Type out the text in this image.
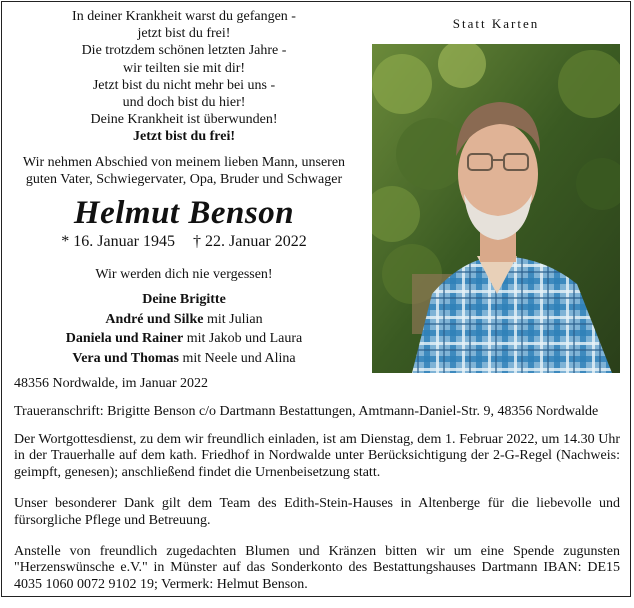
In deiner Krankheit warst du gefangen -
jetzt bist du frei!
Die trotzdem schönen letzten Jahre -
wir teilten sie mit dir!
Jetzt bist du nicht mehr bei uns -
und doch bist du hier!
Deine Krankheit ist überwunden!
Jetzt bist du frei!
Statt Karten
Wir nehmen Abschied von meinem lieben Mann, unseren
guten Vater, Schwiegervater, Opa, Bruder und Schwager
Helmut Benson
* 16. Januar 1945 † 22. Januar 2022
Wir werden dich nie vergessen!
Deine Brigitte
André und Silke mit Julian
Daniela und Rainer mit Jakob und Laura
Vera und Thomas mit Neele und Alina

48356 Nordwalde, im Januar 2022

Traueranschrift: Brigitte Benson c/o Dartmann Bestattungen, Amtmann-Daniel-Str. 9, 48356 Nordwalde

Der Wortgottesdienst, zu dem wir freundlich einladen, ist am Dienstag, dem 1. Februar 2022, um 14.30 Uhr in der Trauerhalle auf dem kath. Friedhof in Nordwalde unter Berücksichtigung der 2-G-Regel (Nachweis: geimpft, genesen); anschließend findet die Urnenbeisetzung statt.

Unser besonderer Dank gilt dem Team des Edith-Stein-Hauses in Altenberge für die liebevolle und fürsorgliche Pflege und Betreuung.

Anstelle von freundlich zugedachten Blumen und Kränzen bitten wir um eine Spende zugunsten "Herzenswünsche e.V." in Münster auf das Sonderkonto des Bestattungshauses Dartmann IBAN: DE15 4035 1060 0072 9102 19; Vermerk: Helmut Benson.
